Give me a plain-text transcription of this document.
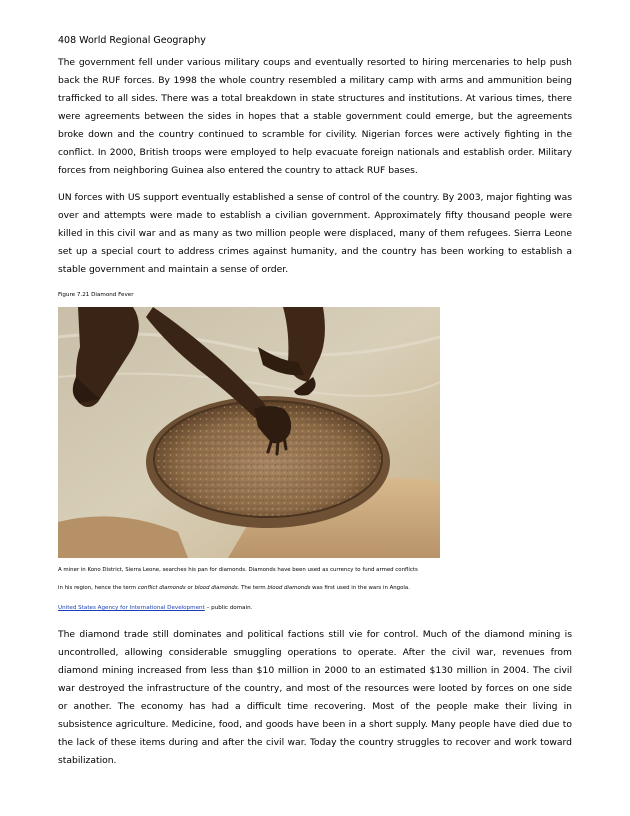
408 World Regional Geography

The government fell under various military coups and eventually resorted to hiring mercenaries to help push back the RUF forces. By 1998 the whole country resembled a military camp with arms and ammunition being trafficked to all sides. There was a total breakdown in state structures and institutions. At various times, there were agreements between the sides in hopes that a stable government could emerge, but the agreements broke down and the country continued to scramble for civility. Nigerian forces were actively fighting in the conflict. In 2000, British troops were employed to help evacuate foreign nationals and establish order. Military forces from neighboring Guinea also entered the country to attack RUF bases.

UN forces with US support eventually established a sense of control of the country. By 2003, major fighting was over and attempts were made to establish a civilian government. Approximately fifty thousand people were killed in this civil war and as many as two million people were displaced, many of them refugees. Sierra Leone set up a special court to address crimes against humanity, and the country has been working to establish a stable government and maintain a sense of order.

Figure 7.21 Diamond Fever
A miner in Kono District, Sierra Leone, searches his pan for diamonds. Diamonds have been used as currency to fund armed conflicts
in his region, hence the term conflict diamonds or blood diamonds. The term blood diamonds was first used in the wars in Angola.
United States Agency for International Development – public domain.

The diamond trade still dominates and political factions still vie for control. Much of the diamond mining is uncontrolled, allowing considerable smuggling operations to operate. After the civil war, revenues from diamond mining increased from less than $10 million in 2000 to an estimated $130 million in 2004. The civil war destroyed the infrastructure of the country, and most of the resources were looted by forces on one side or another. The economy has had a difficult time recovering. Most of the people make their living in subsistence agriculture. Medicine, food, and goods have been in a short supply. Many people have died due to the lack of these items during and after the civil war. Today the country struggles to recover and work toward stabilization.
